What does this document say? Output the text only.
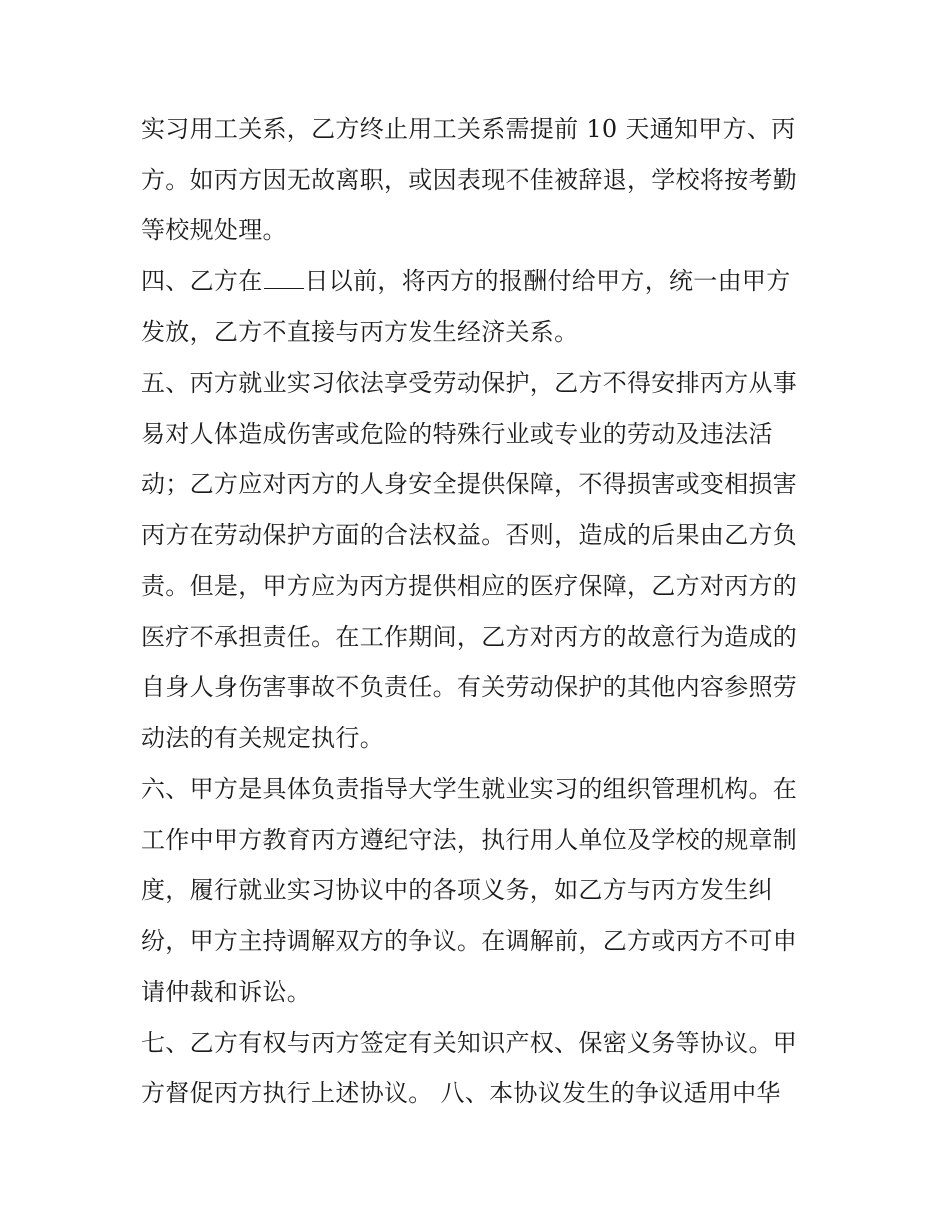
实习用工关系，乙方终止用工关系需提前 10 天通知甲方、丙
方。如丙方因无故离职，或因表现不佳被辞退，学校将按考勤
等校规处理。
四、乙方在 日以前，将丙方的报酬付给甲方，统一由甲方
发放，乙方不直接与丙方发生经济关系。
五、丙方就业实习依法享受劳动保护，乙方不得安排丙方从事
易对人体造成伤害或危险的特殊行业或专业的劳动及违法活
动；乙方应对丙方的人身安全提供保障，不得损害或变相损害
丙方在劳动保护方面的合法权益。否则，造成的后果由乙方负
责。但是，甲方应为丙方提供相应的医疗保障，乙方对丙方的
医疗不承担责任。在工作期间，乙方对丙方的故意行为造成的
自身人身伤害事故不负责任。有关劳动保护的其他内容参照劳
动法的有关规定执行。
六、甲方是具体负责指导大学生就业实习的组织管理机构。在
工作中甲方教育丙方遵纪守法，执行用人单位及学校的规章制
度，履行就业实习协议中的各项义务，如乙方与丙方发生纠
纷，甲方主持调解双方的争议。在调解前，乙方或丙方不可申
请仲裁和诉讼。
七、乙方有权与丙方签定有关知识产权、保密义务等协议。甲
方督促丙方执行上述协议。 八、本协议发生的争议适用中华
